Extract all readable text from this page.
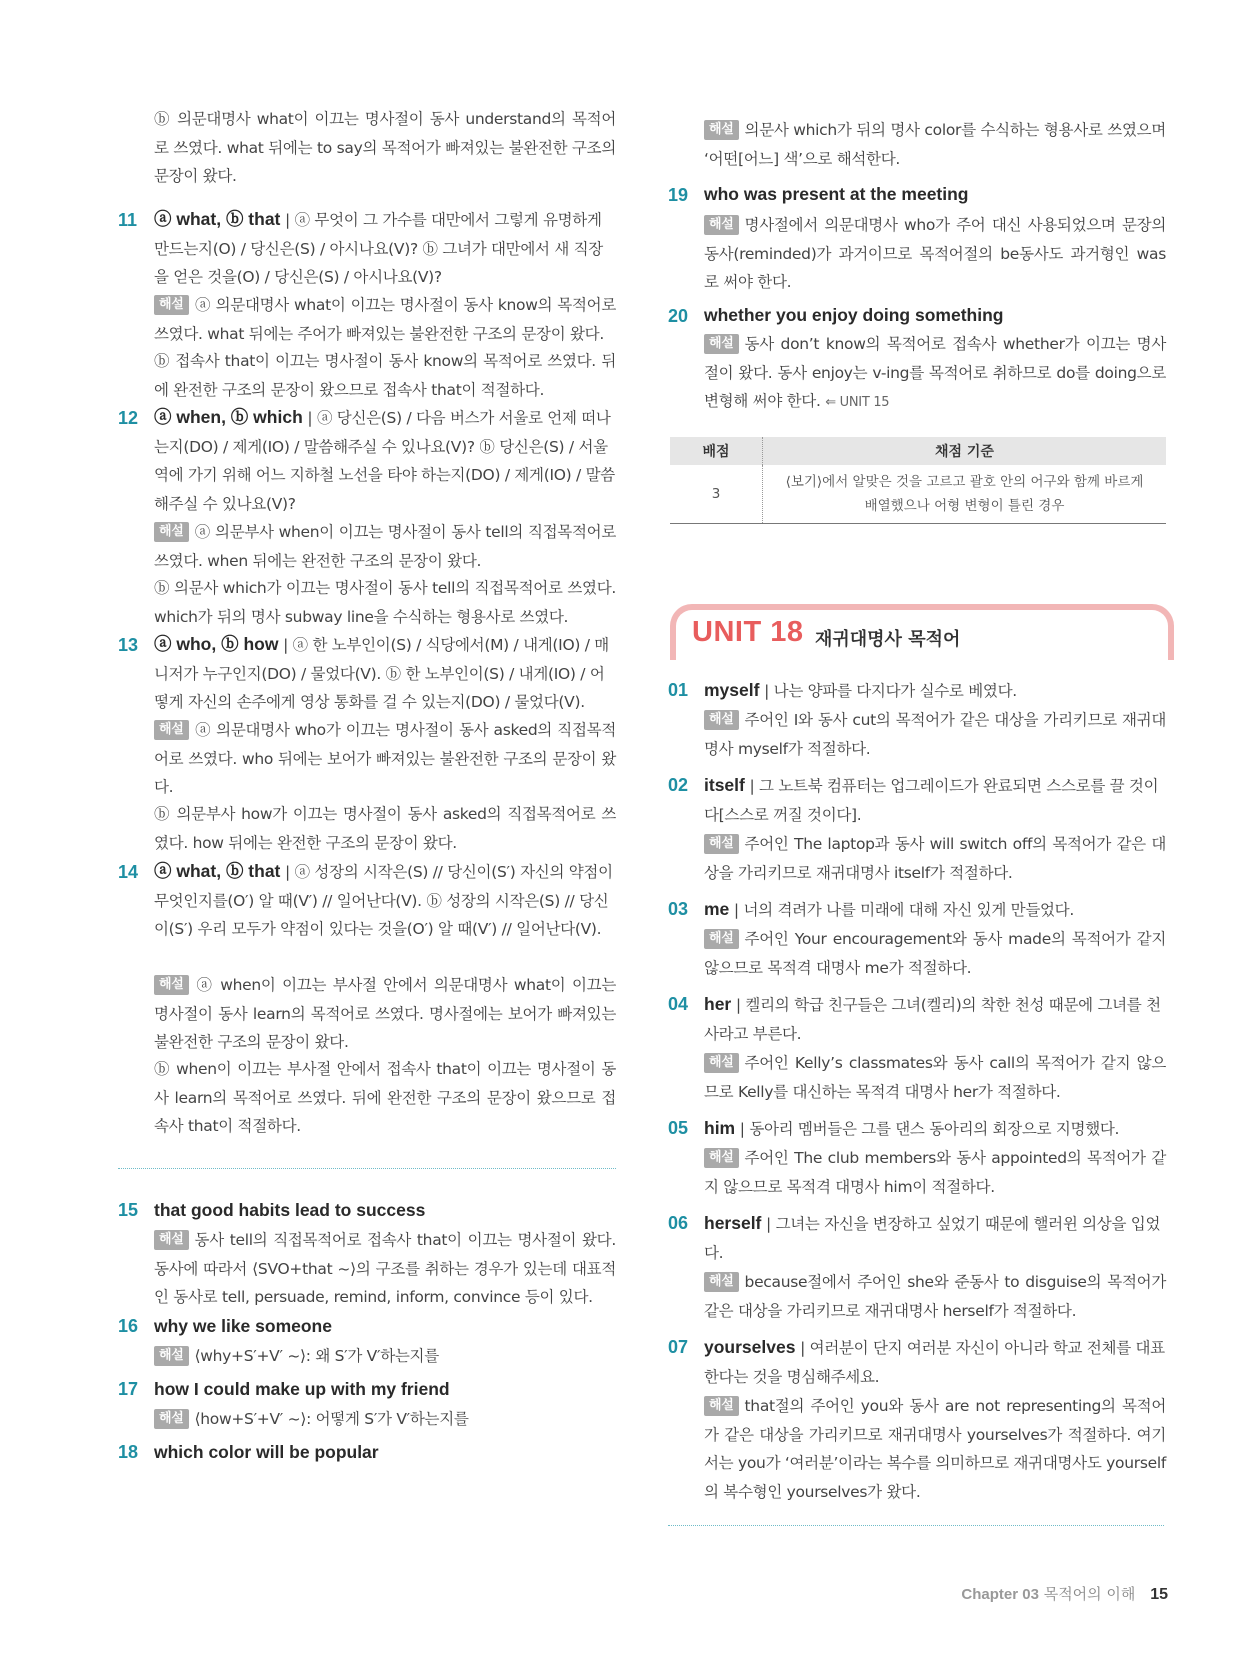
ⓑ 의문대명사 what이 이끄는 명사절이 동사 understand의 목적어로 쓰였다. what 뒤에는 to say의 목적어가 빠져있는 불완전한 구조의 문장이 왔다.
11 ⓐ what, ⓑ that | ⓐ 무엇이 그 가수를 대만에서 그렇게 유명하게 만드는지(O) / 당신은(S) / 아시나요(V)? ⓑ 그녀가 대만에서 새 직장을 얻은 것을(O) / 당신은(S) / 아시나요(V)?
해설 ⓐ 의문대명사 what이 이끄는 명사절이 동사 know의 목적어로 쓰였다. what 뒤에는 주어가 빠져있는 불완전한 구조의 문장이 왔다.
ⓑ 접속사 that이 이끄는 명사절이 동사 know의 목적어로 쓰였다. 뒤에 완전한 구조의 문장이 왔으므로 접속사 that이 적절하다.
12 ⓐ when, ⓑ which | ⓐ 당신은(S) / 다음 버스가 서울로 언제 떠나는지(DO) / 제게(IO) / 말씀해주실 수 있나요(V)? ⓑ 당신은(S) / 서울역에 가기 위해 어느 지하철 노선을 타야 하는지(DO) / 제게(IO) / 말씀해주실 수 있나요(V)?
해설 ⓐ 의문부사 when이 이끄는 명사절이 동사 tell의 직접목적어로 쓰였다. when 뒤에는 완전한 구조의 문장이 왔다.
ⓑ 의문사 which가 이끄는 명사절이 동사 tell의 직접목적어로 쓰였다. which가 뒤의 명사 subway line을 수식하는 형용사로 쓰였다.
13 ⓐ who, ⓑ how | ⓐ 한 노부인이(S) / 식당에서(M) / 내게(IO) / 매니저가 누구인지(DO) / 물었다(V). ⓑ 한 노부인이(S) / 내게(IO) / 어떻게 자신의 손주에게 영상 통화를 걸 수 있는지(DO) / 물었다(V).
해설 ⓐ 의문대명사 who가 이끄는 명사절이 동사 asked의 직접목적어로 쓰였다. who 뒤에는 보어가 빠져있는 불완전한 구조의 문장이 왔다.
ⓑ 의문부사 how가 이끄는 명사절이 동사 asked의 직접목적어로 쓰였다. how 뒤에는 완전한 구조의 문장이 왔다.
14 ⓐ what, ⓑ that | ⓐ 성장의 시작은(S) // 당신이(S′) 자신의 약점이 무엇인지를(O′) 알 때(V′) // 일어난다(V). ⓑ 성장의 시작은(S) // 당신이(S′) 우리 모두가 약점이 있다는 것을(O′) 알 때(V′) // 일어난다(V).
해설 ⓐ when이 이끄는 부사절 안에서 의문대명사 what이 이끄는 명사절이 동사 learn의 목적어로 쓰였다. 명사절에는 보어가 빠져있는 불완전한 구조의 문장이 왔다.
ⓑ when이 이끄는 부사절 안에서 접속사 that이 이끄는 명사절이 동사 learn의 목적어로 쓰였다. 뒤에 완전한 구조의 문장이 왔으므로 접속사 that이 적절하다.
15 that good habits lead to success
해설 동사 tell의 직접목적어로 접속사 that이 이끄는 명사절이 왔다. 동사에 따라서 ⟨SVO+that ~⟩의 구조를 취하는 경우가 있는데 대표적인 동사로 tell, persuade, remind, inform, convince 등이 있다.
16 why we like someone
해설 ⟨why+S′+V′ ~⟩: 왜 S′가 V′하는지를
17 how I could make up with my friend
해설 ⟨how+S′+V′ ~⟩: 어떻게 S′가 V′하는지를
18 which color will be popular
해설 의문사 which가 뒤의 명사 color를 수식하는 형용사로 쓰였으며 ‘어떤[어느] 색’으로 해석한다.
19 who was present at the meeting
해설 명사절에서 의문대명사 who가 주어 대신 사용되었으며 문장의 동사(reminded)가 과거이므로 목적어절의 be동사도 과거형인 was로 써야 한다.
20 whether you enjoy doing something
해설 동사 don’t know의 목적어로 접속사 whether가 이끄는 명사절이 왔다. 동사 enjoy는 v-ing를 목적어로 취하므로 do를 doing으로 변형해 써야 한다. ⇐ UNIT 15
배점	채점 기준
3	⟨보기⟩에서 알맞은 것을 고르고 괄호 안의 어구와 함께 바르게
배열했으나 어형 변형이 틀린 경우
UNIT 18 재귀대명사 목적어
01 myself | 나는 양파를 다지다가 실수로 베였다.
해설 주어인 I와 동사 cut의 목적어가 같은 대상을 가리키므로 재귀대명사 myself가 적절하다.
02 itself | 그 노트북 컴퓨터는 업그레이드가 완료되면 스스로를 끌 것이다[스스로 꺼질 것이다].
해설 주어인 The laptop과 동사 will switch off의 목적어가 같은 대상을 가리키므로 재귀대명사 itself가 적절하다.
03 me | 너의 격려가 나를 미래에 대해 자신 있게 만들었다.
해설 주어인 Your encouragement와 동사 made의 목적어가 같지 않으므로 목적격 대명사 me가 적절하다.
04 her | 켈리의 학급 친구들은 그녀(켈리)의 착한 천성 때문에 그녀를 천사라고 부른다.
해설 주어인 Kelly’s classmates와 동사 call의 목적어가 같지 않으므로 Kelly를 대신하는 목적격 대명사 her가 적절하다.
05 him | 동아리 멤버들은 그를 댄스 동아리의 회장으로 지명했다.
해설 주어인 The club members와 동사 appointed의 목적어가 같지 않으므로 목적격 대명사 him이 적절하다.
06 herself | 그녀는 자신을 변장하고 싶었기 때문에 핼러윈 의상을 입었다.
해설 because절에서 주어인 she와 준동사 to disguise의 목적어가 같은 대상을 가리키므로 재귀대명사 herself가 적절하다.
07 yourselves | 여러분이 단지 여러분 자신이 아니라 학교 전체를 대표한다는 것을 명심해주세요.
해설 that절의 주어인 you와 동사 are not representing의 목적어가 같은 대상을 가리키므로 재귀대명사 yourselves가 적절하다. 여기서는 you가 ‘여러분’이라는 복수를 의미하므로 재귀대명사도 yourself의 복수형인 yourselves가 왔다.
Chapter 03 목적어의 이해 15
